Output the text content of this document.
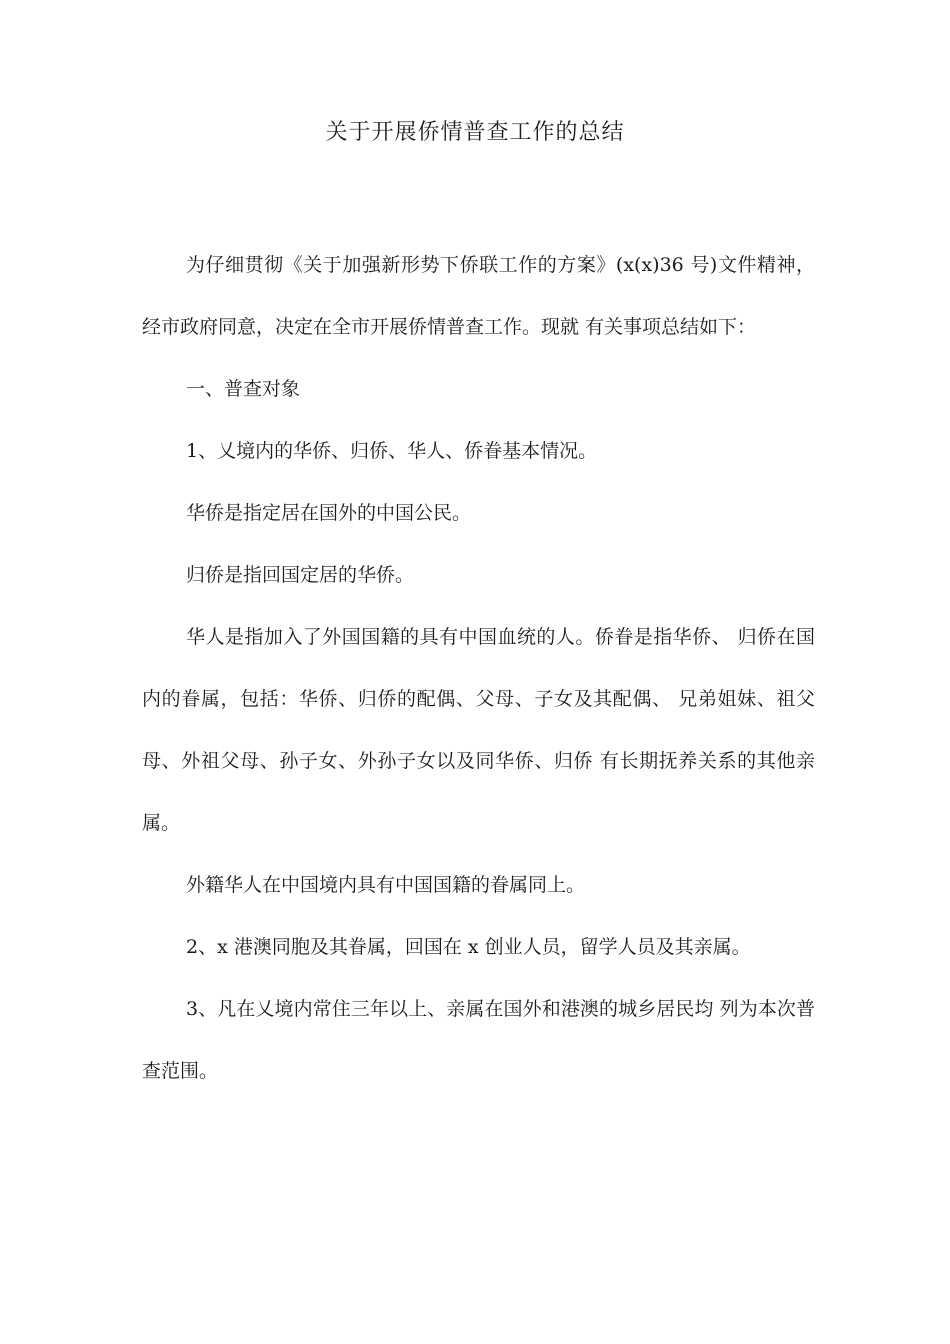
关于开展侨情普查工作的总结

为仔细贯彻《关于加强新形势下侨联工作的方案》(x(x)36 号)文件精神，经市政府同意，决定在全市开展侨情普查工作。现就 有关事项总结如下：

一、普查对象

1、乂境内的华侨、归侨、华人、侨眷基本情况。

华侨是指定居在国外的中国公民。

归侨是指回国定居的华侨。

华人是指加入了外国国籍的具有中国血统的人。侨眷是指华侨、 归侨在国内的眷属，包括：华侨、归侨的配偶、父母、子女及其配偶、 兄弟姐妹、祖父母、外祖父母、孙子女、外孙子女以及同华侨、归侨 有长期抚养关系的其他亲属。

外籍华人在中国境内具有中国国籍的眷属同上。

2、x 港澳同胞及其眷属，回国在 x 创业人员，留学人员及其亲属。

3、凡在乂境内常住三年以上、亲属在国外和港澳的城乡居民均 列为本次普查范围。
